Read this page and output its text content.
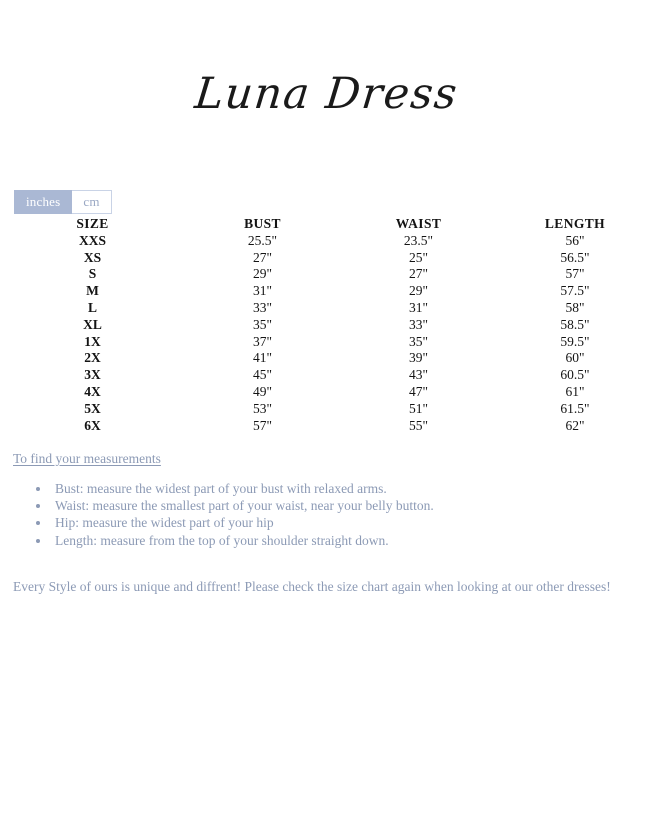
Luna Dress
inches	cm
SIZE	BUST	WAIST	LENGTH
XXS	25.5"	23.5"	56"
XS	27"	25"	56.5"
S	29"	27"	57"
M	31"	29"	57.5"
L	33"	31"	58"
XL	35"	33"	58.5"
1X	37"	35"	59.5"
2X	41"	39"	60"
3X	45"	43"	60.5"
4X	49"	47"	61"
5X	53"	51"	61.5"
6X	57"	55"	62"
To find your measurements
• Bust: measure the widest part of your bust with relaxed arms.
• Waist: measure the smallest part of your waist, near your belly button.
• Hip: measure the widest part of your hip
• Length: measure from the top of your shoulder straight down.
Every Style of ours is unique and diffrent! Please check the size chart again when looking at our other dresses!
